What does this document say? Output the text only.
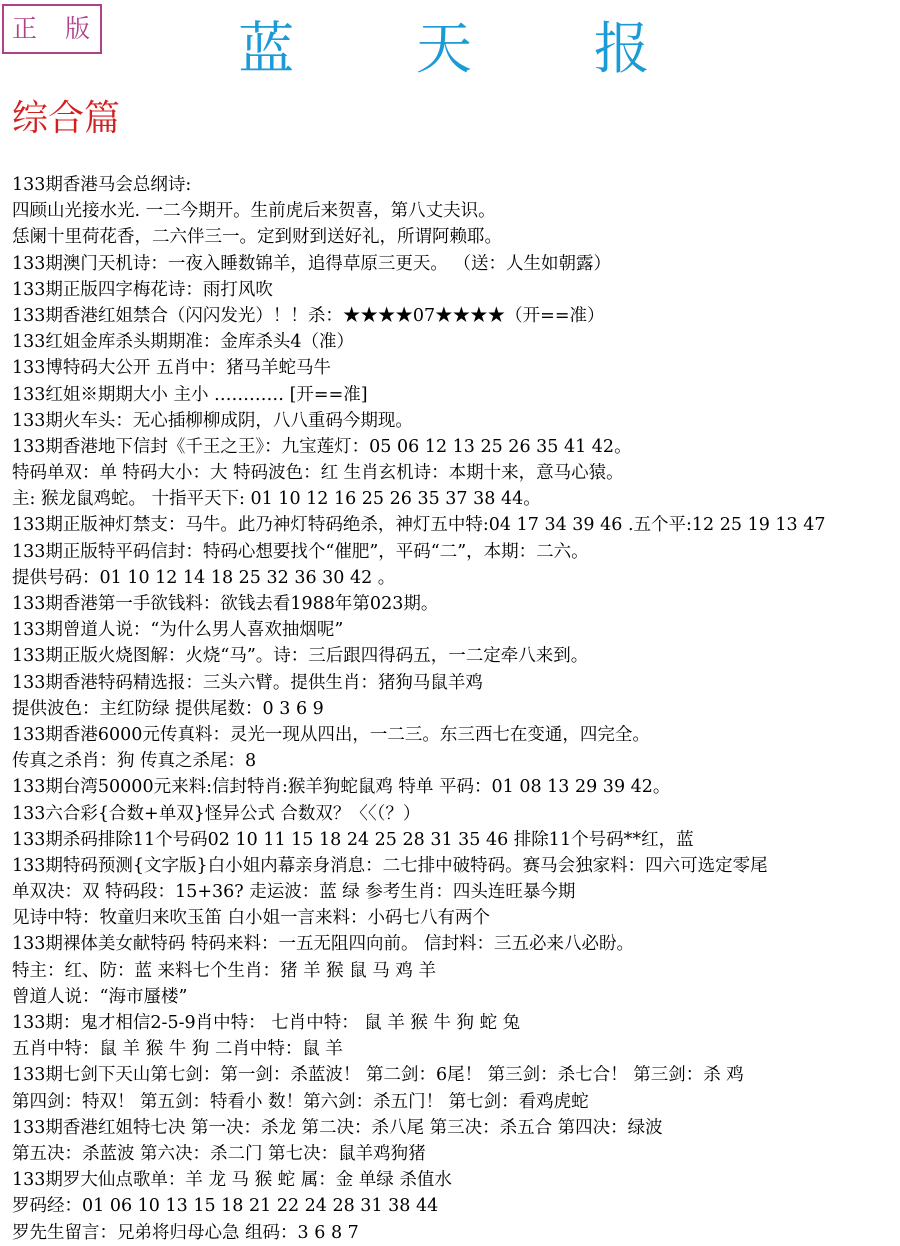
正 版	蓝 天 报
综合篇
133期香港马会总纲诗:
四顾山光接水光. 一二今期开。生前虎后来贺喜，第八丈夫识。
恁阑十里荷花香，二六伴三一。定到财到送好礼，所谓阿赖耶。
133期澳门天机诗：一夜入睡数锦羊，追得草原三更天。 （送：人生如朝露）
133期正版四字梅花诗：雨打风吹
133期香港红姐禁合（闪闪发光）！！杀：★★★★07★★★★（开==准）
133红姐金库杀头期期准：金库杀头4（准）
133博特码大公开 五肖中：猪马羊蛇马牛
133红姐※期期大小 主小 ………… [开==准]
133期火车头：无心插柳柳成阴，八八重码今期现。
133期香港地下信封《千王之王》：九宝莲灯：05 06 12 13 25 26 35 41 42。
特码单双：单 特码大小：大 特码波色：红 生肖玄机诗：本期十来，意马心猿。
主: 猴龙鼠鸡蛇。 十指平天下: 01 10 12 16 25 26 35 37 38 44。
133期正版神灯禁支：马牛。此乃神灯特码绝杀，神灯五中特:04 17 34 39 46 .五个平:12 25 19 13 47
133期正版特平码信封：特码心想要找个“催肥”，平码“二”，本期：二六。
提供号码：01 10 12 14 18 25 32 36 30 42 。
133期香港第一手欲钱料：欲钱去看1988年第023期。
133期曾道人说：“为什么男人喜欢抽烟呢”
133期正版火烧图解：火烧“马”。诗：三后跟四得码五，一二定牵八来到。
133期香港特码精选报：三头六臂。提供生肖：猪狗马鼠羊鸡
提供波色：主红防绿 提供尾数：0 3 6 9
133期香港6000元传真料：灵光一现从四出，一二三。东三西七在变通，四完全。
传真之杀肖：狗 传真之杀尾：8
133期台湾50000元来料:信封特肖:猴羊狗蛇鼠鸡 特单 平码：01 08 13 29 39 42。
133六合彩{合数+单双}怪异公式 合数双？〈〈（？）
133期杀码排除11个号码02 10 11 15 18 24 25 28 31 35 46 排除11个号码**红，蓝
133期特码预测{文字版}白小姐内幕亲身消息：二七排中破特码。赛马会独家料：四六可选定零尾
单双决：双 特码段：15+36? 走运波：蓝 绿 参考生肖：四头连旺暴今期
见诗中特：牧童归来吹玉笛 白小姐一言来料：小码七八有两个
133期裸体美女献特码 特码来料：一五无阻四向前。 信封料：三五必来八必盼。
特主：红、防：蓝 来料七个生肖：猪 羊 猴 鼠 马 鸡 羊
曾道人说：“海市蜃楼”
133期：鬼才相信2-5-9肖中特： 七肖中特： 鼠 羊 猴 牛 狗 蛇 兔
五肖中特：鼠 羊 猴 牛 狗 二肖中特：鼠 羊
133期七剑下天山第七剑：第一剑：杀蓝波！ 第二剑：6尾！ 第三剑：杀七合！ 第三剑：杀 鸡
第四剑：特双！ 第五剑：特看小 数！第六剑：杀五门！ 第七剑：看鸡虎蛇
133期香港红姐特七决 第一决：杀龙 第二决：杀八尾 第三决：杀五合 第四决：绿波
第五决：杀蓝波 第六决：杀二门 第七决：鼠羊鸡狗猪
133期罗大仙点歌单：羊 龙 马 猴 蛇 属：金 单绿 杀值水
罗码经：01 06 10 13 15 18 21 22 24 28 31 38 44
罗先生留言：兄弟将归母心急 组码：3 6 8 7
